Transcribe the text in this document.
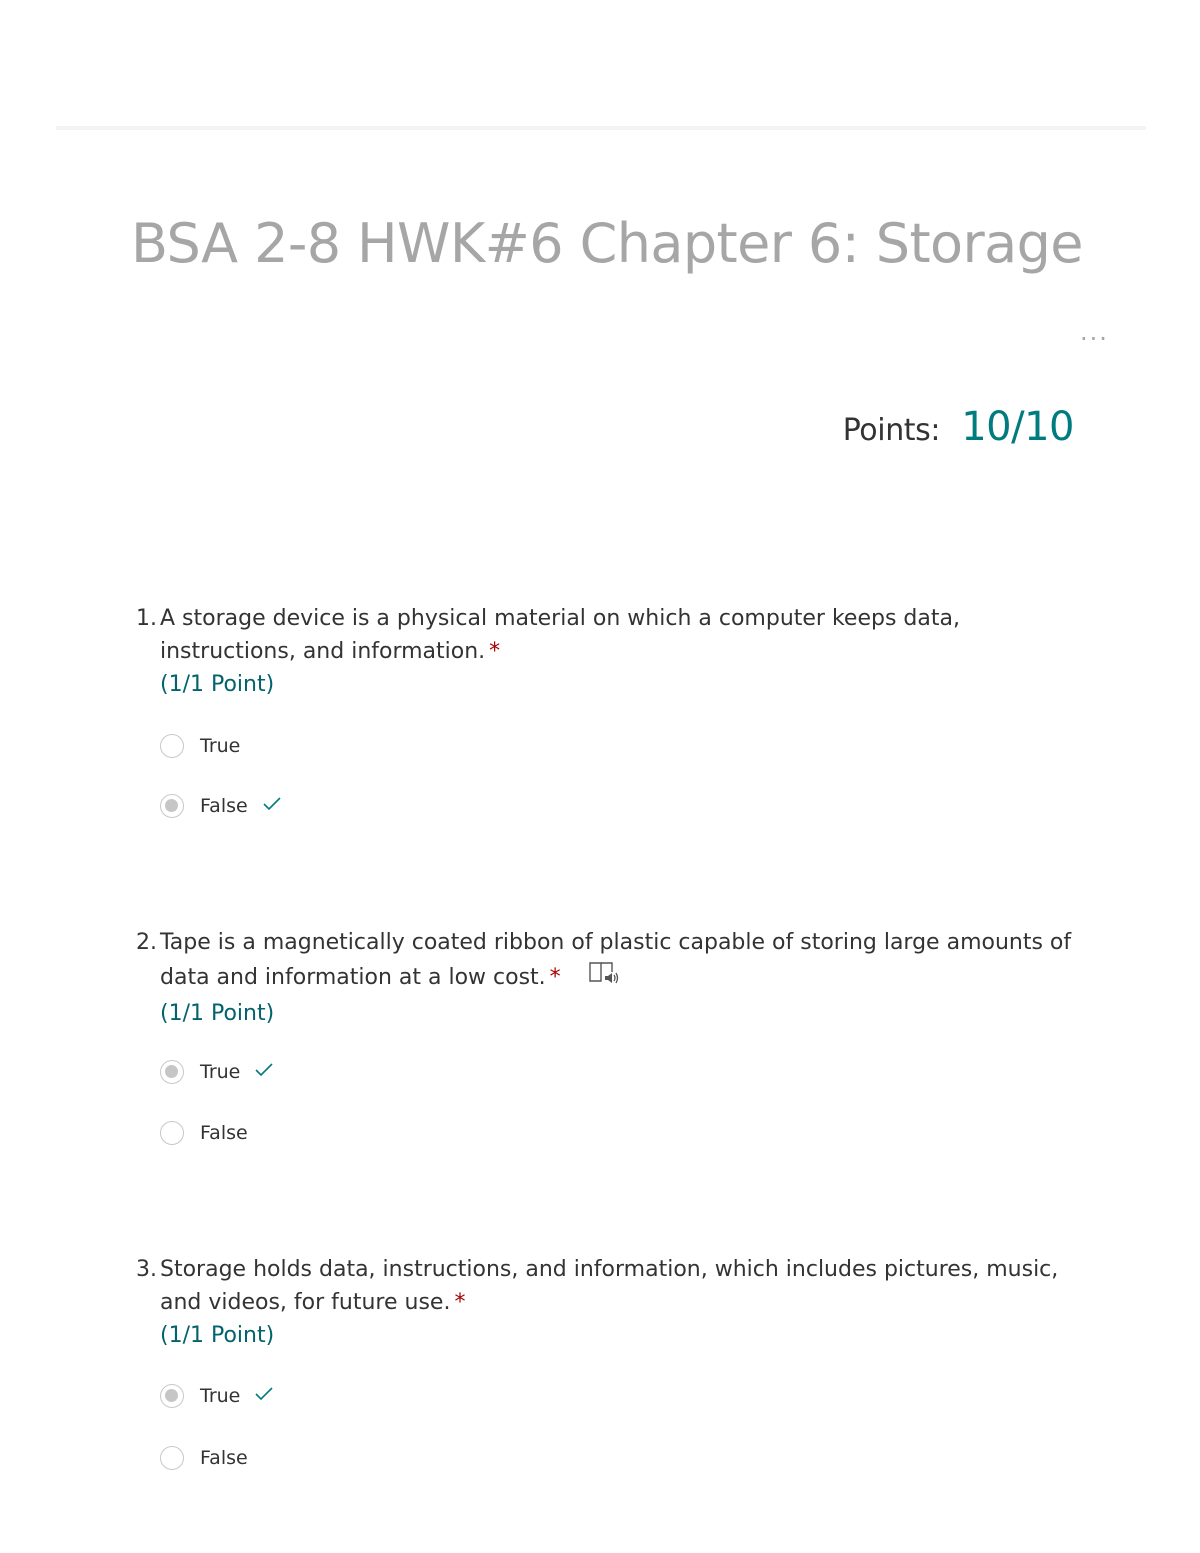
BSA 2-8 HWK#6 Chapter 6: Storage
...
Points: 10/10
1. A storage device is a physical material on which a computer keeps data, instructions, and information. *
(1/1 Point)
True
False
2. Tape is a magnetically coated ribbon of plastic capable of storing large amounts of data and information at a low cost. *
(1/1 Point)
True
False
3. Storage holds data, instructions, and information, which includes pictures, music, and videos, for future use. *
(1/1 Point)
True
False
